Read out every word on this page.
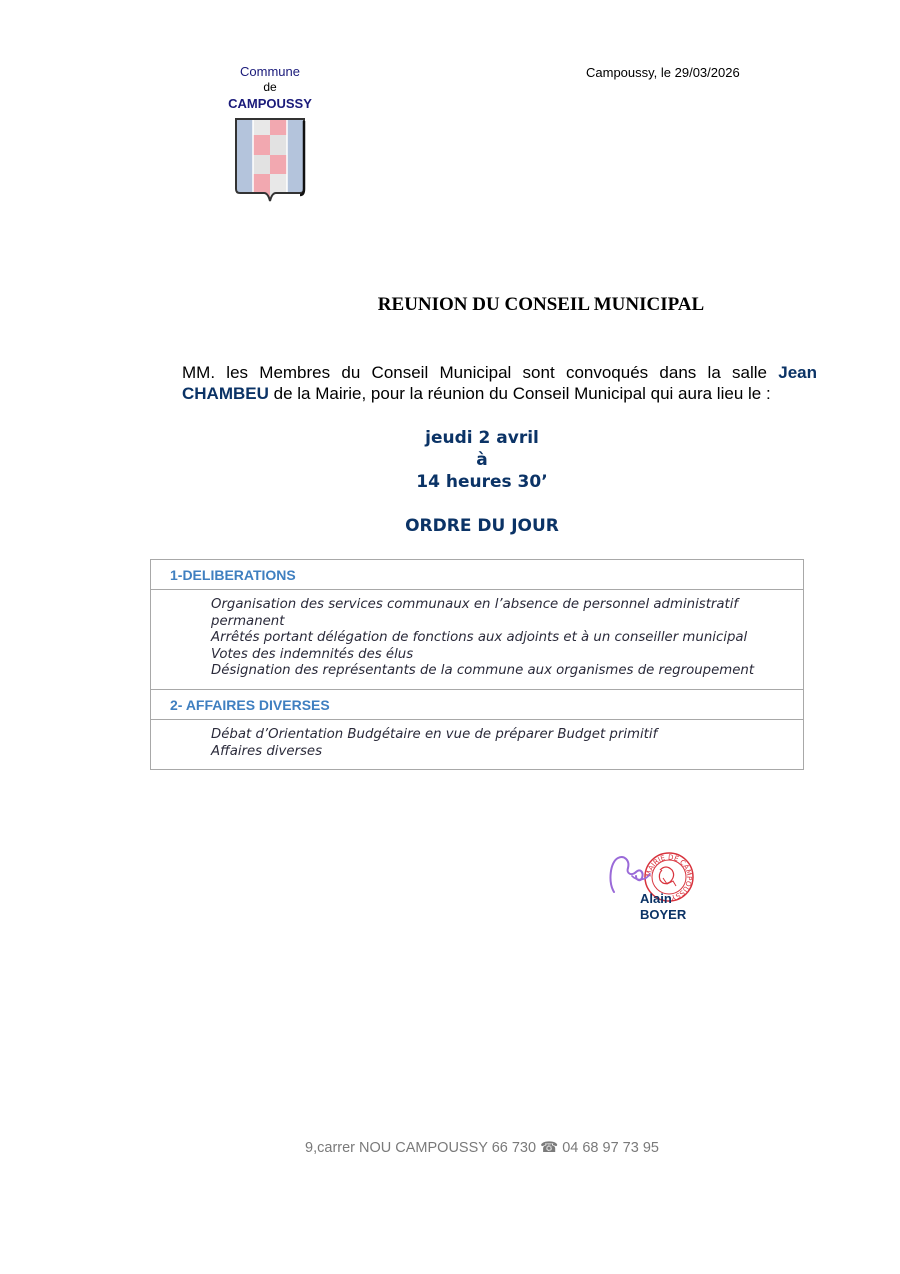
Commune
de
CAMPOUSSY
Campoussy, le 29/03/2026
REUNION DU CONSEIL MUNICIPAL
MM. les Membres du Conseil Municipal sont convoqués dans la salle Jean CHAMBEU de la Mairie, pour la réunion du Conseil Municipal qui aura lieu le :
jeudi 2 avril
à
14 heures 30’
ORDRE DU JOUR
1-DELIBERATIONS
Organisation des services communaux en l’absence de personnel administratif permanent
Arrêtés portant délégation de fonctions aux adjoints et à un conseiller municipal
Votes des indemnités des élus
Désignation des représentants de la commune aux organismes de regroupement
2- AFFAIRES DIVERSES
Débat d’Orientation Budgétaire en vue de préparer Budget primitif
Affaires diverses
MAIRIE DE CAMPOUSSY
Alain
BOYER
9,carrer NOU CAMPOUSSY 66 730 ☎ 04 68 97 73 95
